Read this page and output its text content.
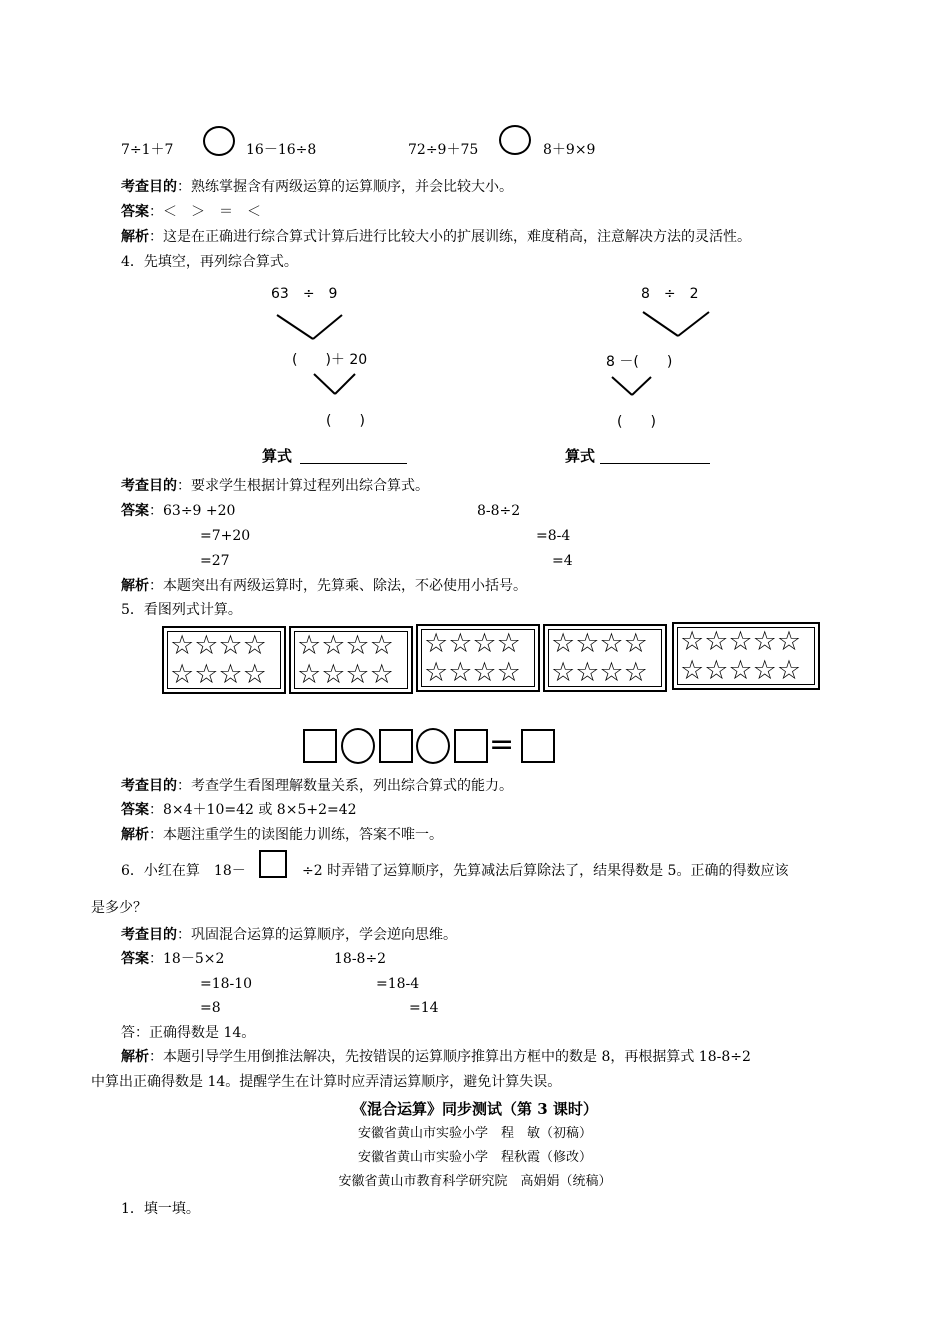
7÷1＋7	16－16÷8	72÷9＋75	8＋9×9
考查目的：熟练掌握含有两级运算的运算顺序，并会比较大小。
答案：＜　＞　＝　＜
解析：这是在正确进行综合算式计算后进行比较大小的扩展训练，难度稍高，注意解决方法的灵活性。
4．先填空，再列综合算式。
63　÷　9
(　　)＋ 20
(　　)
8　÷　2
8 －(　　)
(　　)
算式	算式
考查目的：要求学生根据计算过程列出综合算式。
答案：63÷9 +20
=7+20
=27
8-8÷2
=8-4
=4
解析：本题突出有两级运算时，先算乘、除法，不必使用小括号。
5．看图列式计算。
☆☆☆☆
☆☆☆☆
☆☆☆☆
☆☆☆☆
☆☆☆☆
☆☆☆☆
☆☆☆☆
☆☆☆☆
☆☆☆☆☆
☆☆☆☆☆
=
考查目的：考查学生看图理解数量关系，列出综合算式的能力。
答案：8×4＋10=42 或 8×5+2=42
解析：本题注重学生的读图能力训练，答案不唯一。
6．小红在算　18－	÷2 时弄错了运算顺序，先算减法后算除法了，结果得数是 5。正确的得数应该
是多少？
考查目的：巩固混合运算的运算顺序，学会逆向思维。
答案：18－5×2
=18-10
=8
18-8÷2
=18-4
=14
答：正确得数是 14。
解析：本题引导学生用倒推法解决，先按错误的运算顺序推算出方框中的数是 8，再根据算式 18-8÷2
中算出正确得数是 14。提醒学生在计算时应弄清运算顺序，避免计算失误。
《混合运算》同步测试（第 3 课时）
安徽省黄山市实验小学　程　敏（初稿）
安徽省黄山市实验小学　程秋霞（修改）
安徽省黄山市教育科学研究院　高娟娟（统稿）
1．填一填。
